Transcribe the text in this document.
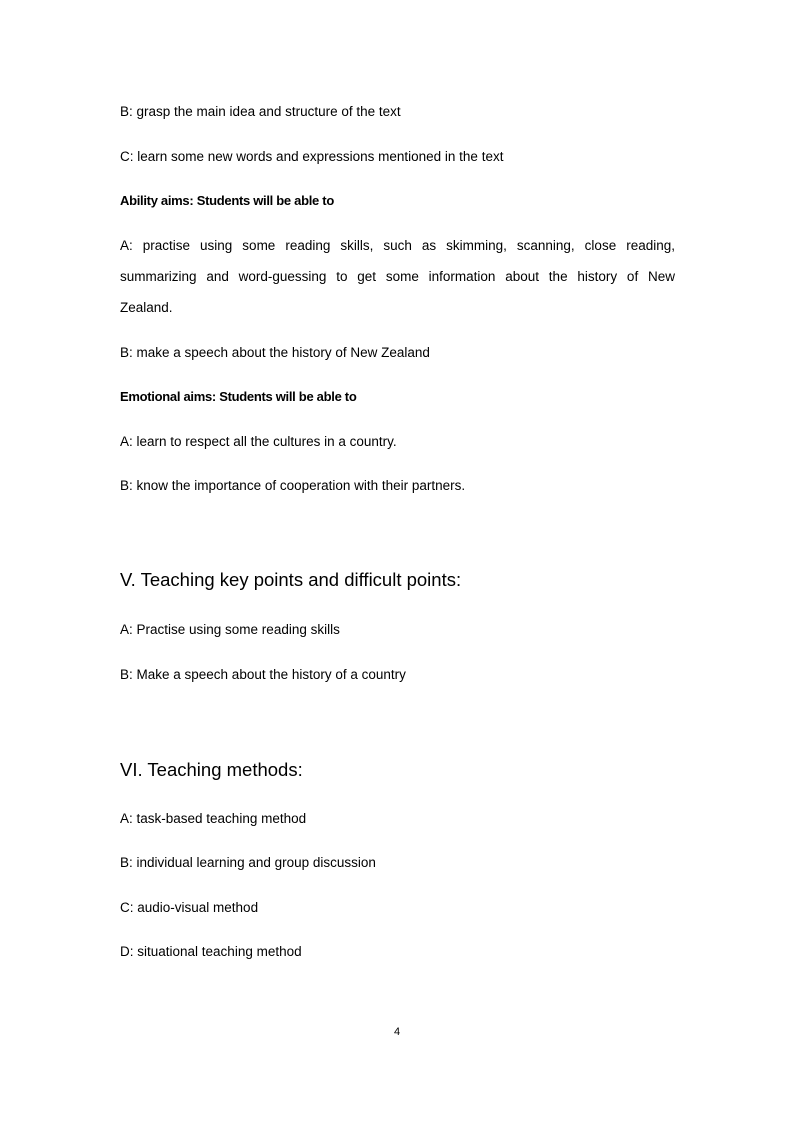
B: grasp the main idea and structure of the text
C: learn some new words and expressions mentioned in the text
Ability aims: Students will be able to
A: practise using some reading skills, such as skimming, scanning, close reading,
summarizing and word-guessing to get some information about the history of New
Zealand.
B: make a speech about the history of New Zealand
Emotional aims: Students will be able to
A: learn to respect all the cultures in a country.
B: know the importance of cooperation with their partners.
V. Teaching key points and difficult points:
A: Practise using some reading skills
B: Make a speech about the history of a country
VI. Teaching methods:
A: task-based teaching method
B: individual learning and group discussion
C: audio-visual method
D: situational teaching method
4
